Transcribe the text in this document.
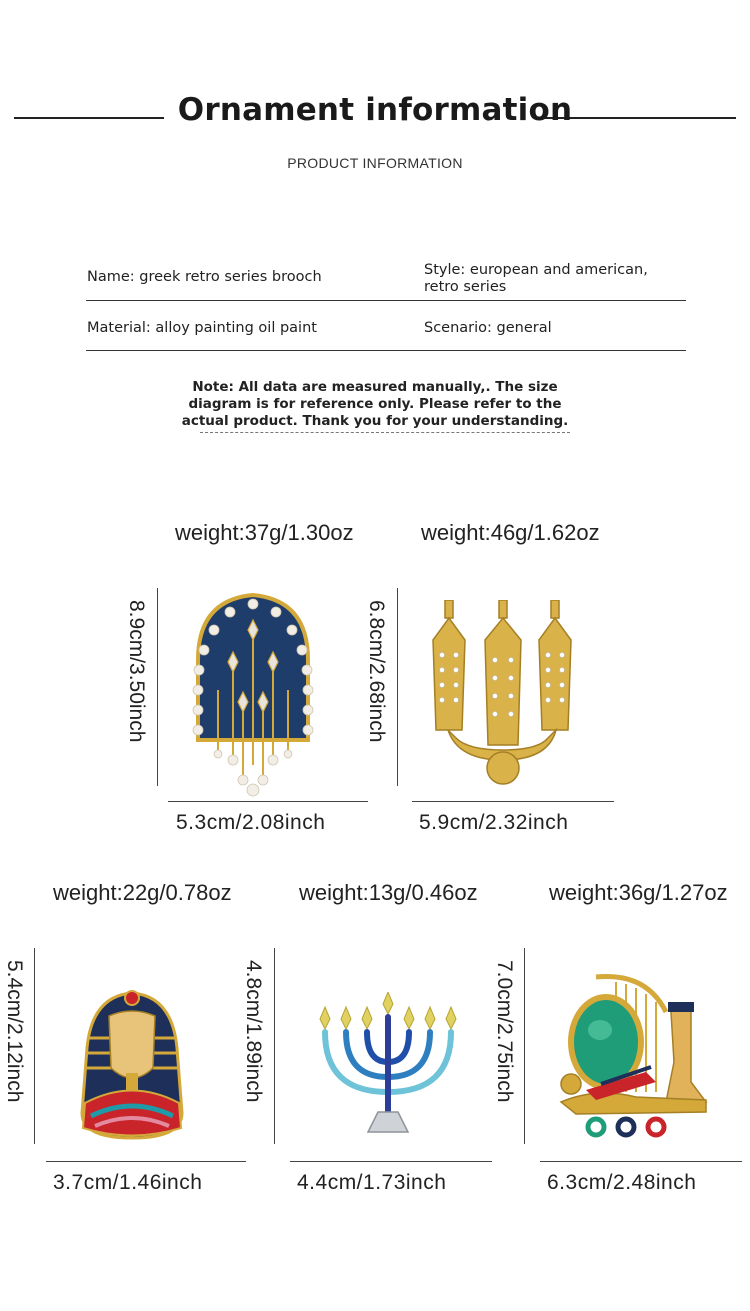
Ornament information
PRODUCT INFORMATION
Name: greek retro series brooch	Style: european and american,
retro series
Material: alloy painting oil paint	Scenario: general
Note: All data are measured manually,. The size
diagram is for reference only. Please refer to the
actual product. Thank you for your understanding.
weight:37g/1.30oz
8.9cm/3.50inch
5.3cm/2.08inch
weight:46g/1.62oz
6.8cm/2.68inch
5.9cm/2.32inch
weight:22g/0.78oz
5.4cm/2.12inch
3.7cm/1.46inch
weight:13g/0.46oz
4.8cm/1.89inch
4.4cm/1.73inch
weight:36g/1.27oz
7.0cm/2.75inch
6.3cm/2.48inch
